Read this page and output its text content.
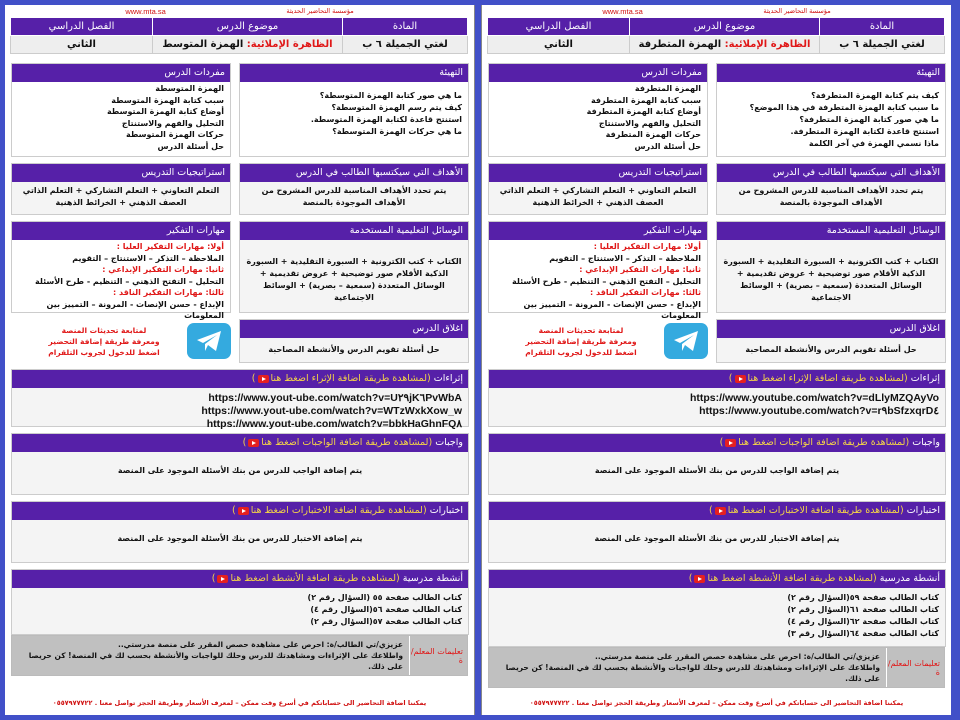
مؤسسة التحاضير الحديثة
www.mta.sa
المادة	موضوع الدرس	الفصل الدراسي
لغتي الجميلة ٦ ب	الظاهرة الإملائية: الهمزة المتوسط	الثاني
التهيئة
ما هي صور كتابة الهمزة المتوسطة؟
كيف يتم رسم الهمزة المتوسطة؟
استنتج قاعدة لكتابة الهمزة المتوسطة.
ما هي حركات الهمزة المتوسطة؟
مفردات الدرس
الهمزة المتوسطة
سبب كتابة الهمزة المتوسطة
أوضاع كتابة الهمزة المتوسطة
التحليل والفهم والاستنتاج
حركات الهمزة المتوسطة
حل أسئلة الدرس
الأهداف التي سيكتسبها الطالب في الدرس
يتم تحدد الأهداف المناسبة للدرس المشروح من الأهداف الموجودة بالمنصة
استراتيجيات التدريس
التعلم التعاوني + التعلم التشاركي + التعلم الذاتي العصف الذهني + الخرائط الذهنية
الوسائل التعليمية المستخدمة
الكتاب + كتب الكترونية + السبورة التقليدية + السبورة الذكية الأقلام صور توضيحية + عروض تقديمية + الوسائل المتعددة (سمعية – بصرية) + الوسائط الاجتماعية
مهارات التفكير
أولا: مهارات التفكير العليا :
الملاحظة – التذكر – الاستنتاج – التقويم
ثانيا: مهارات التفكير الإبداعي :
التحليل – التفتح الذهني – التنظيم - طرح الأسئلة
ثالثا: مهارات التفكير الناقد :
الإبداع - حسن الإنصات - المرونة – التمييز بين المعلومات
اغلاق الدرس
حل أسئلة تقويم الدرس والأنشطة المصاحبة
لمتابعة تحديثات المنصة
ومعرفة طريقة إضافة التحضير
اضغط للدخول لجروب التلقرام
إثراءات (لمشاهدة طريقة اضافة الإثراء اضغط هنا)
https://www.yout-ube.com/watch?v=U٢٩jK٦PvWbA
https://www.yout-ube.com/watch?v=WTzWxkXow_w
https://www.yout-ube.com/watch?v=bbkHaGhnFQ٨
واجبات (لمشاهدة طريقة اضافة الواجبات اضغط هنا)
يتم إضافة الواجب للدرس من بنك الأسئلة الموجود على المنصة
اختبارات (لمشاهدة طريقة اضافة الاختبارات اضغط هنا)
يتم إضافة الاختبار للدرس من بنك الأسئلة الموجود على المنصة
أنشطة مدرسية (لمشاهدة طريقة اضافة الأنشطة اضغط هنا)
كتاب الطالب صفحة ٥٥ (السؤال رقم ٢)
كتاب الطالب صفحة ٥٦(السؤال رقم ٤)
كتاب الطالب صفحة ٥٧(السؤال رقم ٢)
تعليمات المعلم/ة
عزيزي/تي الطالب/ة: احرص على مشاهدة حصص المقرر على منصة مدرستي..
واطلاعك على الإثراءات ومشاهدتك للدرس وحلك للواجبات والأنشطة بحسب لك في المنصة! كن حريصا على ذلك.
يمكننا اضافة التحاضير الى حساباتكم في أسرع وقت ممكن – لمعرف الأسعار وطريقة الحجز تواصل معنا . ٠٥٥٧٩٧٧٧٢٢
مؤسسة التحاضير الحديثة
www.mta.sa
المادة	موضوع الدرس	الفصل الدراسي
لغتي الجميلة ٦ ب	الظاهرة الإملائية: الهمزة المتطرفة	الثاني
التهيئة
كيف يتم كتابة الهمزة المتطرفة؟
ما سبب كتابة الهمزة المتطرفة في هذا الموضع؟
ما هي صور كتابة الهمزة المتطرفة؟
استنتج قاعدة لكتابة الهمزة المتطرفة.
ماذا نسمي الهمزة في آخر الكلمة
مفردات الدرس
الهمزة المتطرفة
سبب كتابة الهمزة المتطرفة
أوضاع كتابة الهمزة المتطرفة
التحليل والفهم والاستنتاج
حركات الهمزة المتطرفة
حل أسئلة الدرس
الأهداف التي سيكتسبها الطالب في الدرس
يتم تحدد الأهداف المناسبة للدرس المشروح من الأهداف الموجودة بالمنصة
استراتيجيات التدريس
التعلم التعاوني + التعلم التشاركي + التعلم الذاتي العصف الذهني + الخرائط الذهنية
الوسائل التعليمية المستخدمة
الكتاب + كتب الكترونية + السبورة التقليدية + السبورة الذكية الأقلام صور توضيحية + عروض تقديمية + الوسائل المتعددة (سمعية – بصرية) + الوسائط الاجتماعية
مهارات التفكير
أولا: مهارات التفكير العليا :
الملاحظة – التذكر – الاستنتاج – التقويم
ثانيا: مهارات التفكير الإبداعي :
التحليل – التفتح الذهني – التنظيم - طرح الأسئلة
ثالثا: مهارات التفكير الناقد :
الإبداع - حسن الإنصات - المرونة – التمييز بين المعلومات
اغلاق الدرس
حل أسئلة تقويم الدرس والأنشطة المصاحبة
لمتابعة تحديثات المنصة
ومعرفة طريقة إضافة التحضير
اضغط للدخول لجروب التلقرام
إثراءات (لمشاهدة طريقة اضافة الإثراء اضغط هنا)
https://www.youtube.com/watch?v=dLlyMZQAyVo
https://www.youtube.com/watch?v=r٩bSfzxqrD٤
واجبات (لمشاهدة طريقة اضافة الواجبات اضغط هنا)
يتم إضافة الواجب للدرس من بنك الأسئلة الموجود على المنصة
اختبارات (لمشاهدة طريقة اضافة الاختبارات اضغط هنا)
يتم إضافة الاختبار للدرس من بنك الأسئلة الموجود على المنصة
أنشطة مدرسية (لمشاهدة طريقة اضافة الأنشطة اضغط هنا)
كتاب الطالب صفحة ٥٩(السؤال رقم ٢)
كتاب الطالب صفحة ٦١(السؤال رقم ٢)
كتاب الطالب صفحة ٦٢(السؤال رقم ٤)
كتاب الطالب صفحة ٦٤(السؤال رقم ٣)
تعليمات المعلم/ة
عزيزي/تي الطالب/ة: احرص على مشاهدة حصص المقرر على منصة مدرستي..
واطلاعك على الإثراءات ومشاهدتك للدرس وحلك للواجبات والأنشطة بحسب لك في المنصة! كن حريصا على ذلك.
يمكننا اضافة التحاضير الى حساباتكم في أسرع وقت ممكن – لمعرف الأسعار وطريقة الحجز تواصل معنا . ٠٥٥٧٩٧٧٧٢٢
